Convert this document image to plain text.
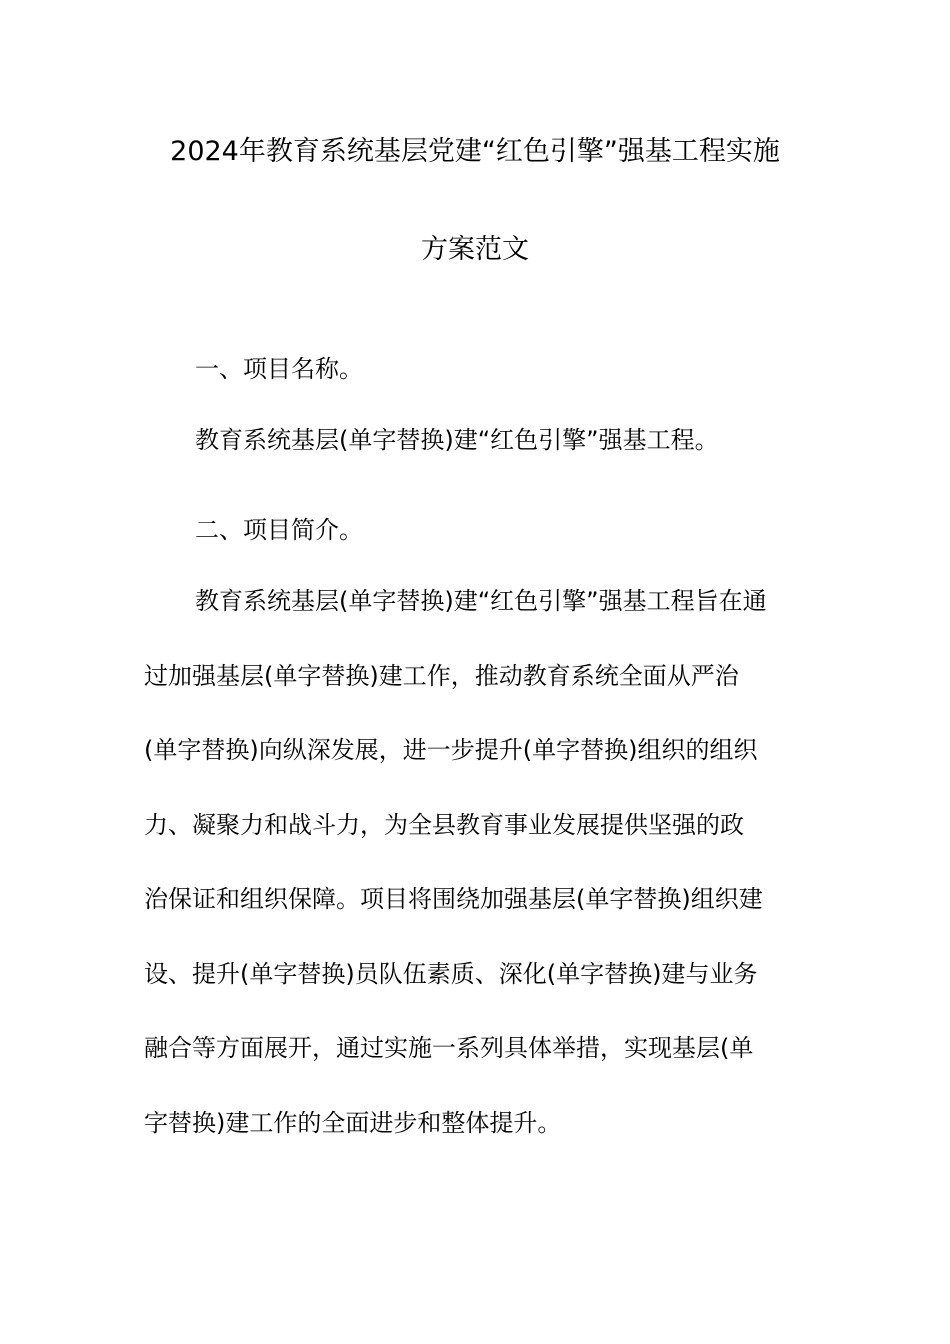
2024年教育系统基层党建“红色引擎”强基工程实施
方案范文
一、项目名称。

教育系统基层(单字替换)建“红色引擎”强基工程。

二、项目简介。
教育系统基层(单字替换)建“红色引擎”强基工程旨在通
过加强基层(单字替换)建工作，推动教育系统全面从严治
(单字替换)向纵深发展，进一步提升(单字替换)组织的组织
力、凝聚力和战斗力，为全县教育事业发展提供坚强的政
治保证和组织保障。项目将围绕加强基层(单字替换)组织建
设、提升(单字替换)员队伍素质、深化(单字替换)建与业务
融合等方面展开，通过实施一系列具体举措，实现基层(单
字替换)建工作的全面进步和整体提升。
